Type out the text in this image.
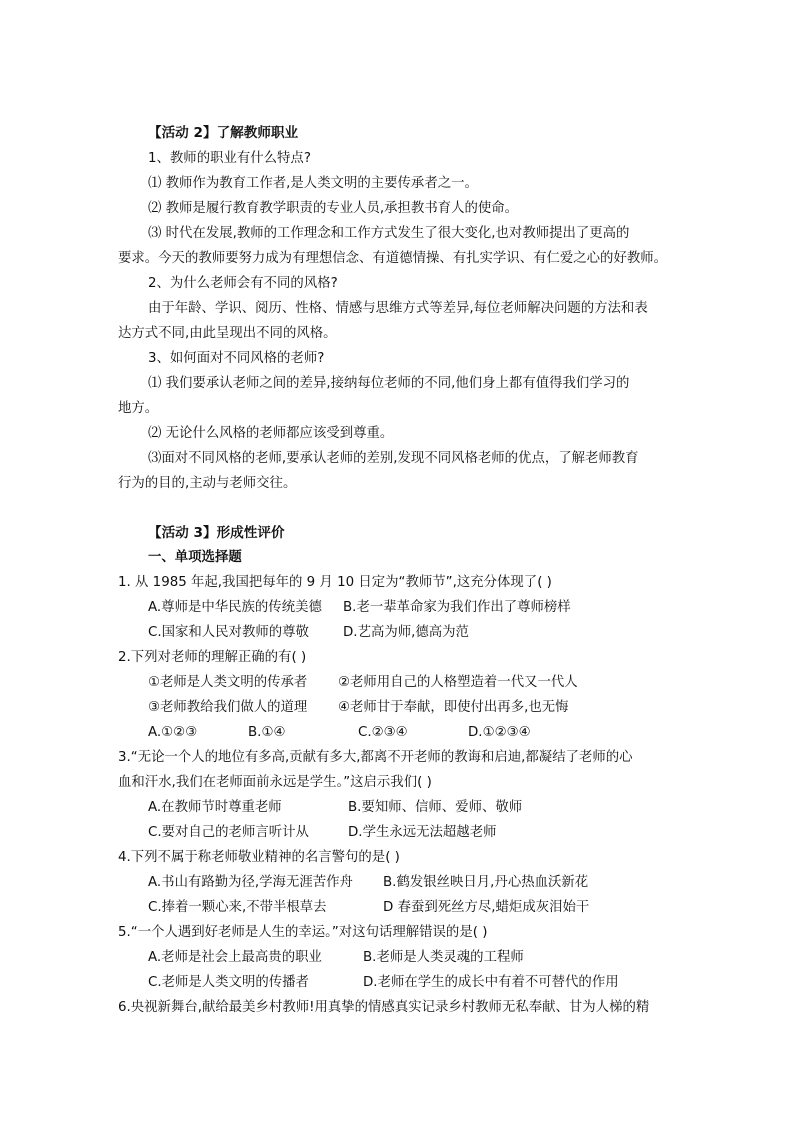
【活动 2】了解教师职业
1、教师的职业有什么特点?
⑴ 教师作为教育工作者,是人类文明的主要传承者之一。
⑵ 教师是履行教育教学职责的专业人员,承担教书育人的使命。
⑶ 时代在发展,教师的工作理念和工作方式发生了很大变化,也对教师提出了更高的
要求。今天的教师要努力成为有理想信念、有道德情操、有扎实学识、有仁爱之心的好教师。
2、为什么老师会有不同的风格?
由于年龄、学识、阅历、性格、情感与思维方式等差异,每位老师解决问题的方法和表
达方式不同,由此呈现出不同的风格。
3、如何面对不同风格的老师?
⑴ 我们要承认老师之间的差异,接纳每位老师的不同,他们身上都有值得我们学习的
地方。
⑵ 无论什么风格的老师都应该受到尊重。
⑶面对不同风格的老师,要承认老师的差别,发现不同风格老师的优点，了解老师教育
行为的目的,主动与老师交往。
【活动 3】形成性评价
一、单项选择题
1. 从 1985 年起,我国把每年的 9 月 10 日定为“教师节”,这充分体现了( )
A.尊师是中华民族的传统美德 B.老一辈革命家为我们作出了尊师榜样
C.国家和人民对教师的尊敬	D.艺高为师,德高为范
2.下列对老师的理解正确的有( )
①老师是人类文明的传承者 ②老师用自己的人格塑造着一代又一代人
③老师教给我们做人的道理 ④老师甘于奉献，即使付出再多,也无悔
A.①②③	B.①④	C.②③④	D.①②③④
3.“无论一个人的地位有多高,贡献有多大,都离不开老师的教诲和启迪,都凝结了老师的心
血和汗水,我们在老师面前永远是学生。”这启示我们( )
A.在教师节时尊重老师	B.要知师、信师、爱师、敬师
C.要对自己的老师言听计从	D.学生永远无法超越老师
4.下列不属于称老师敬业精神的名言警句的是( )
A.书山有路勤为径,学海无涯苦作舟 B.鹤发银丝映日月,丹心热血沃新花
C.捧着一颗心来,不带半根草去	D 春蚕到死丝方尽,蜡炬成灰泪始干
5.“一个人遇到好老师是人生的幸运。”对这句话理解错误的是( )
A.老师是社会上最高贵的职业	B.老师是人类灵魂的工程师
C.老师是人类文明的传播者	D.老师在学生的成长中有着不可替代的作用
6.央视新舞台,献给最美乡村教师!用真挚的情感真实记录乡村教师无私奉献、甘为人梯的精
